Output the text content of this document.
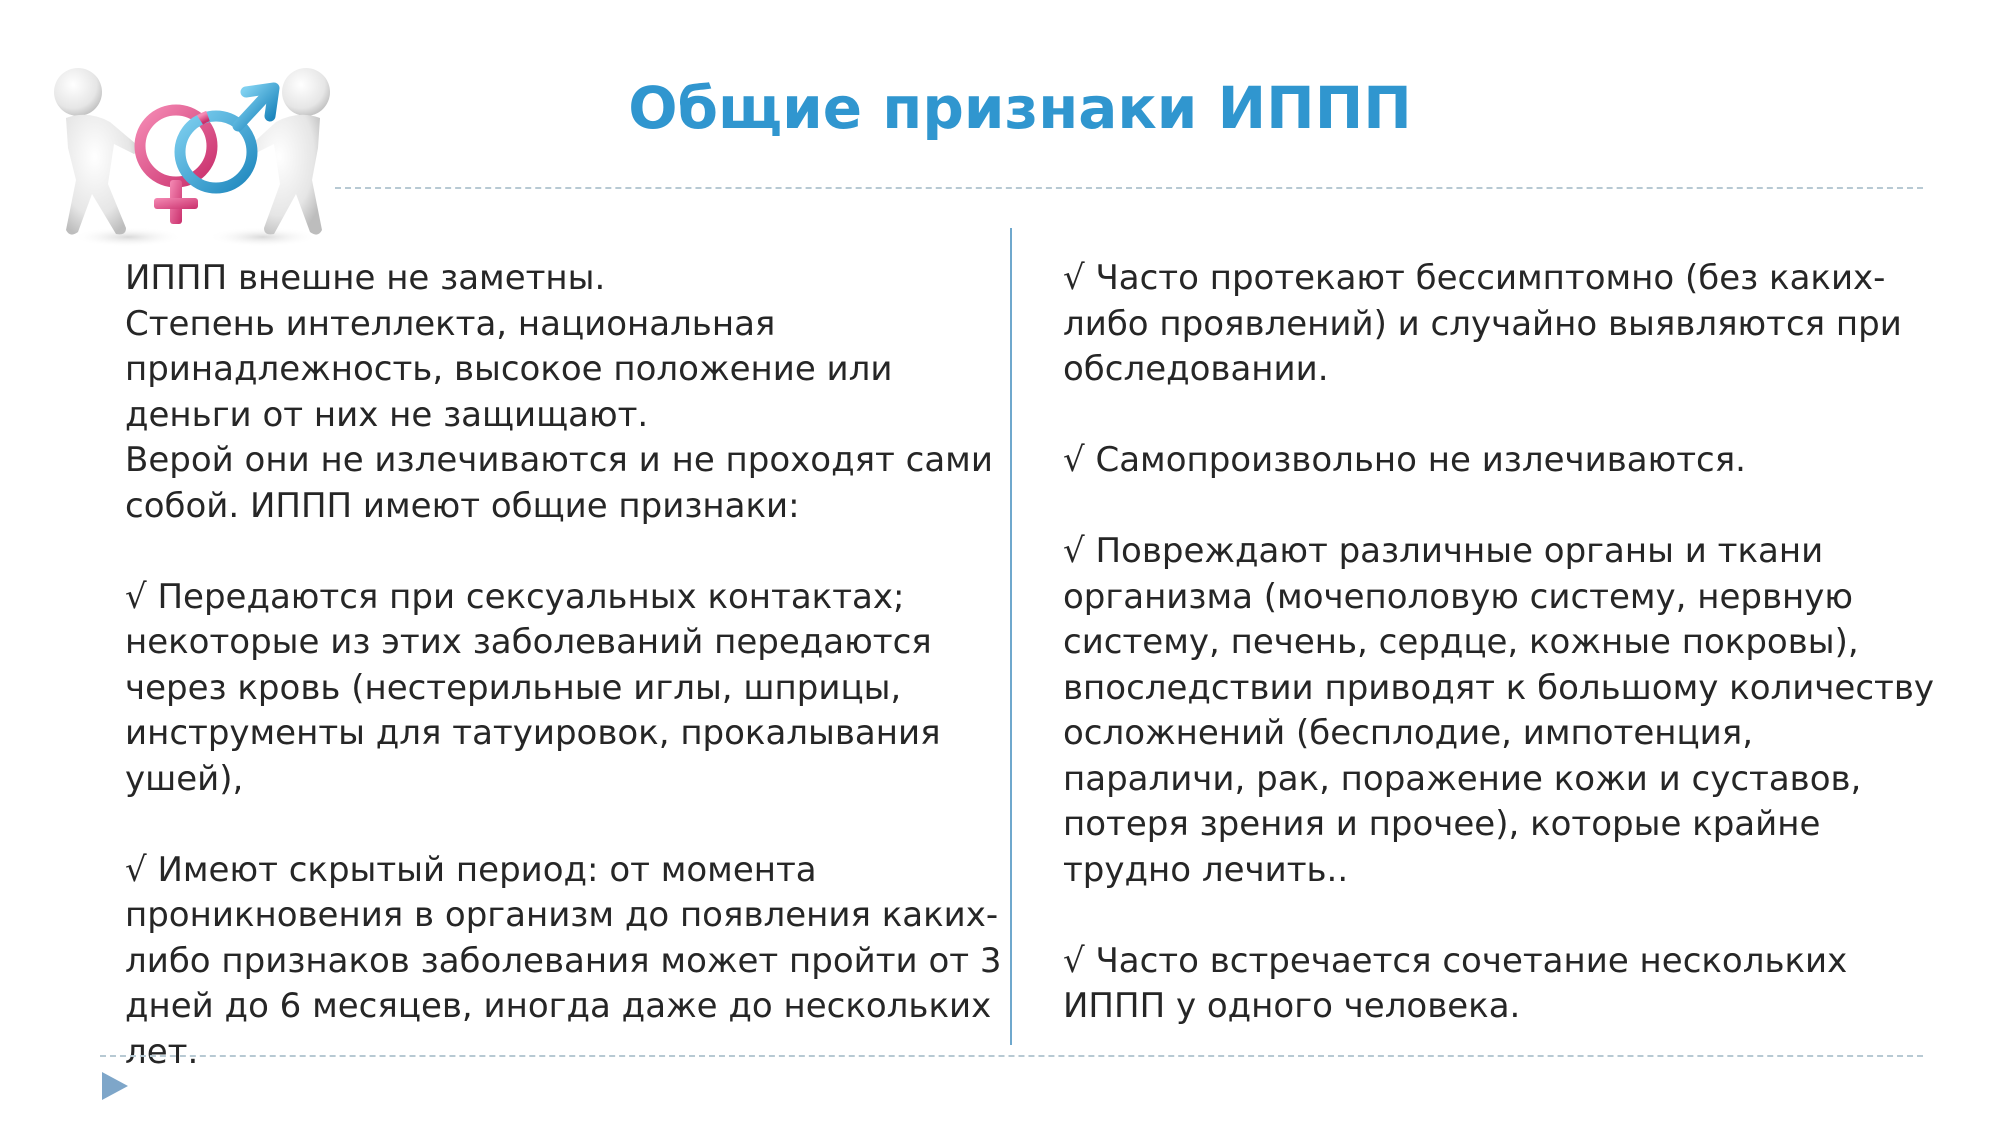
Общие признаки ИППП

ИППП внешне не заметны.

Степень интеллекта, национальная принадлежность, высокое положение или деньги от них не защищают.

Верой они не излечиваются и не проходят сами собой. ИППП имеют общие признаки:

√ Передаются при сексуальных контактах; некоторые из этих заболеваний передаются через кровь (нестерильные иглы, шприцы, инструменты для татуировок, прокалывания ушей),

√ Имеют скрытый период: от момента проникновения в организм до появления каких-либо признаков заболевания может пройти от 3 дней до 6 месяцев, иногда даже до нескольких лет.

√ Часто протекают бессимптомно (без каких-либо проявлений) и случайно выявляются при обследовании.

√ Самопроизвольно не излечиваются.

√ Повреждают различные органы и ткани организма (мочеполовую систему, нервную систему, печень, сердце, кожные покровы), впоследствии приводят к большому количеству осложнений (бесплодие, импотенция, параличи, рак, поражение кожи и суставов, потеря зрения и прочее), которые крайне трудно лечить..

√ Часто встречается сочетание нескольких ИППП у одного человека.
